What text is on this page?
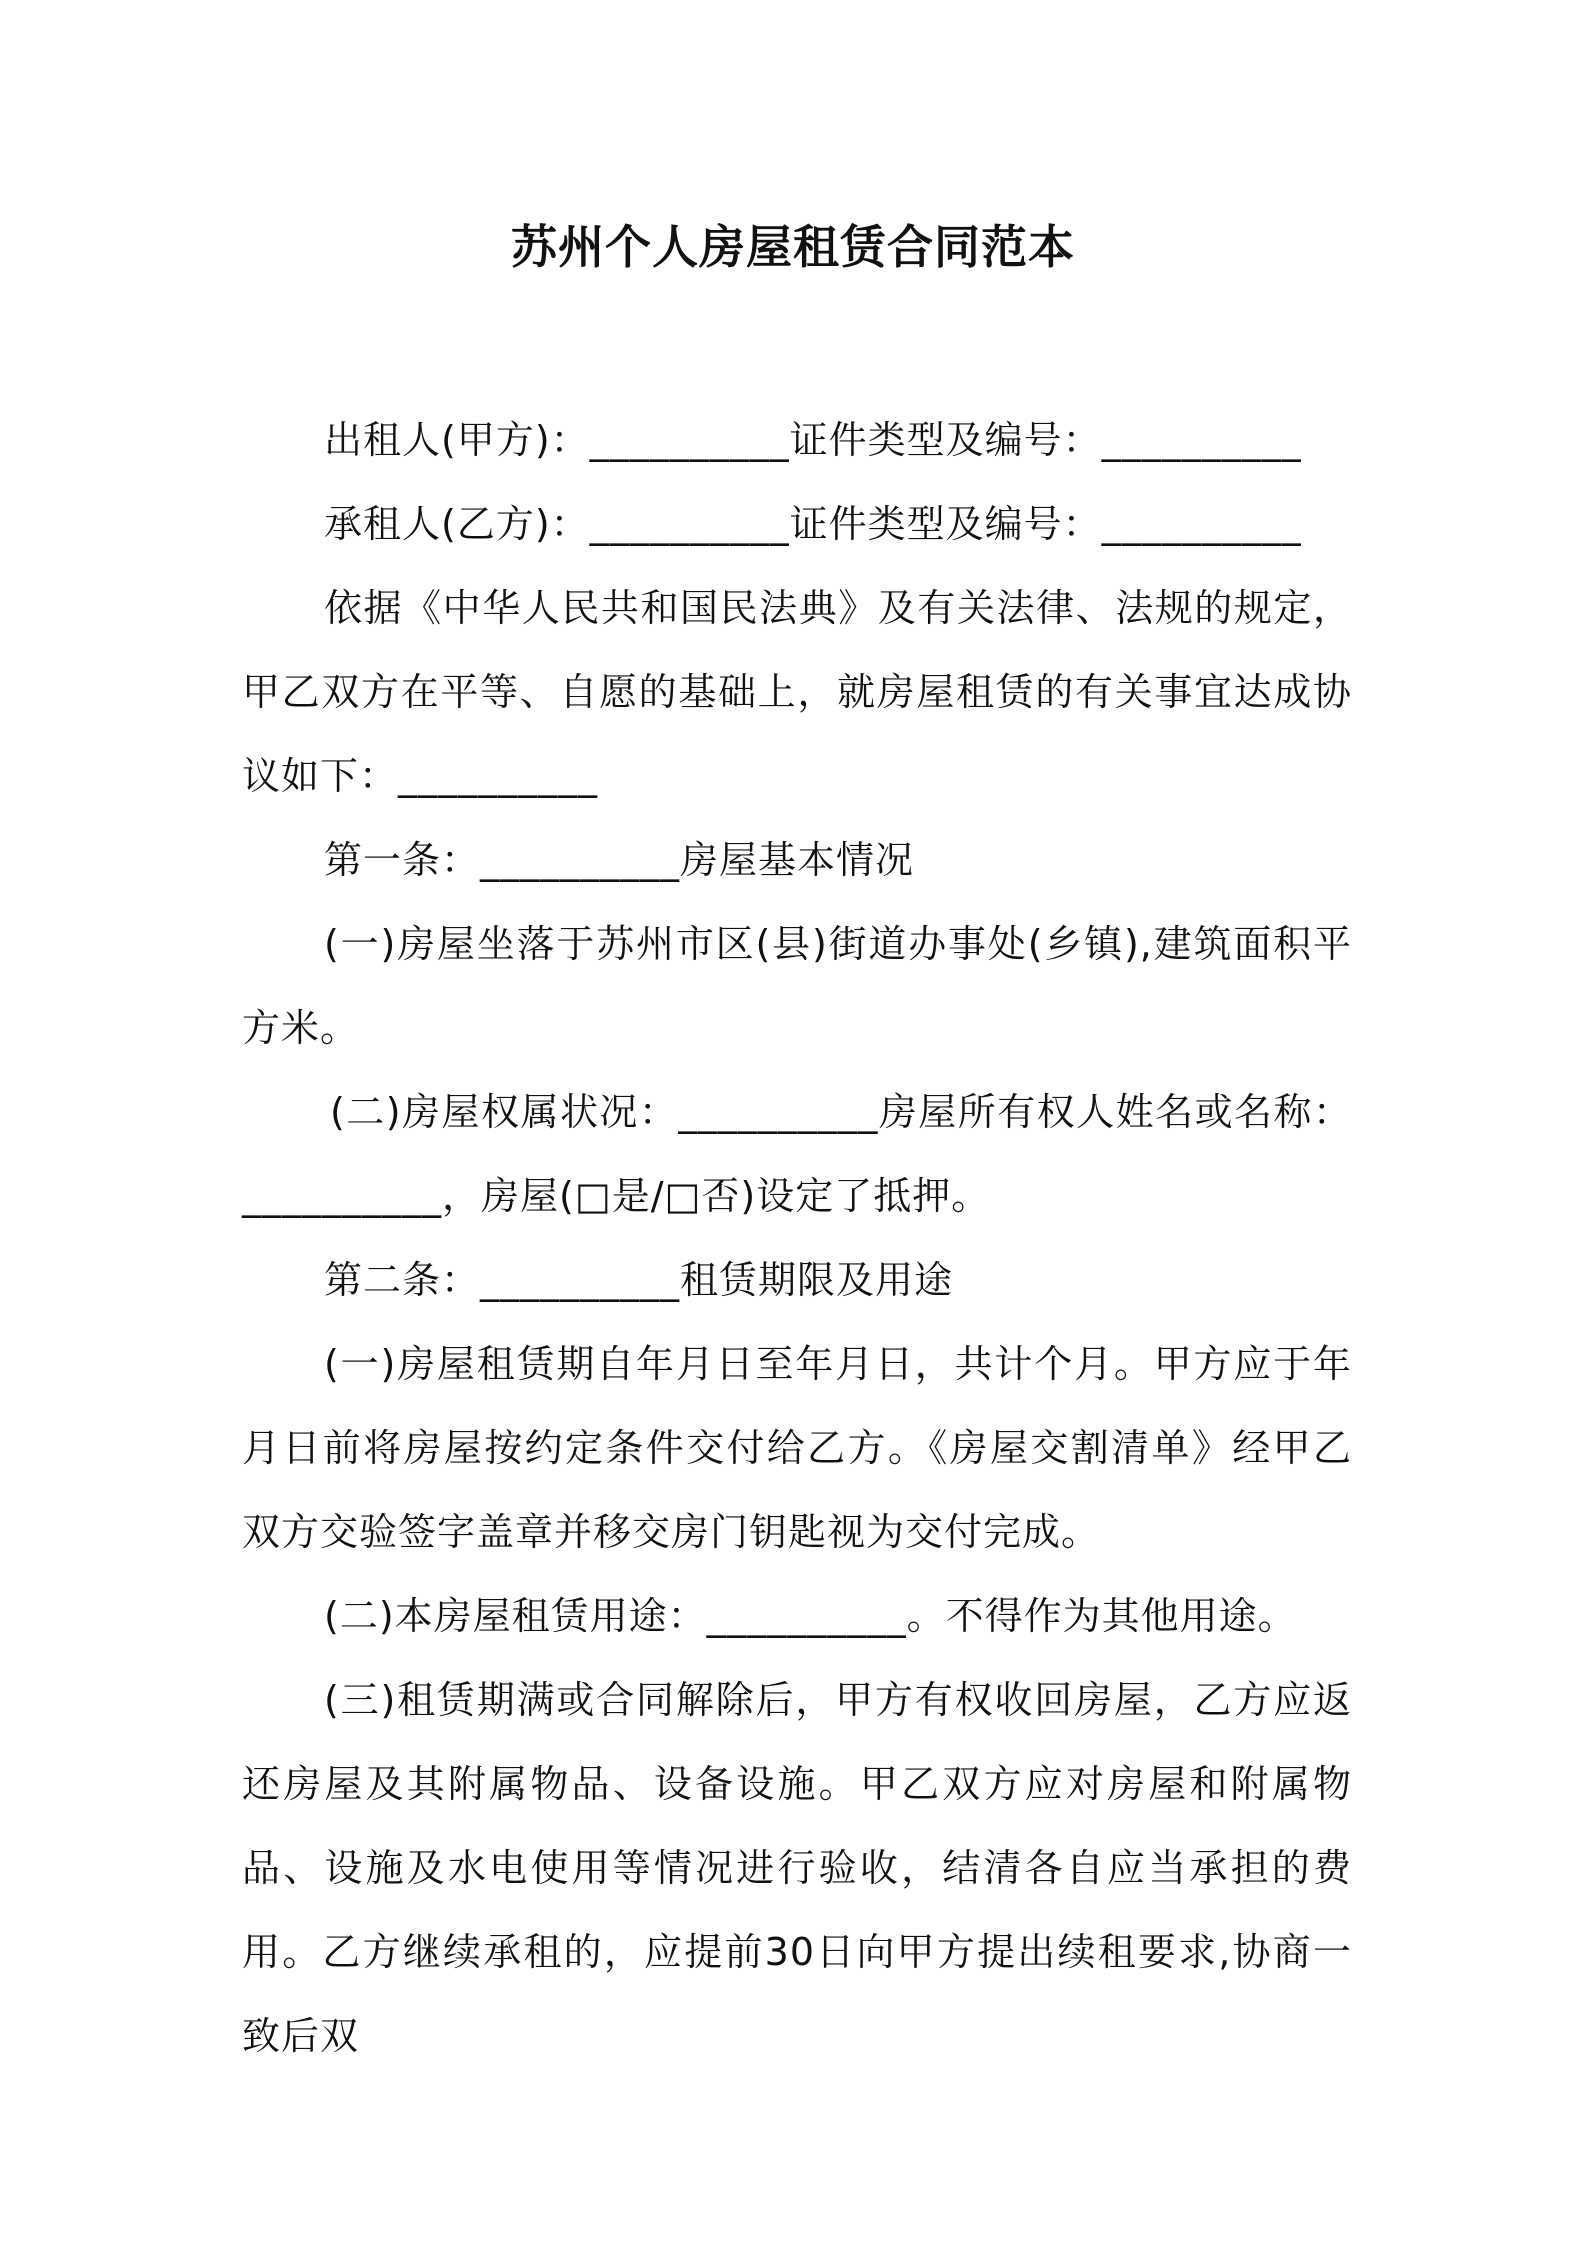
苏州个人房屋租赁合同范本

出租人(甲方)：__________证件类型及编号：__________

承租人(乙方)：__________证件类型及编号：__________

依据《中华人民共和国民法典》及有关法律、法规的规定，甲乙双方在平等、自愿的基础上，就房屋租赁的有关事宜达成协议如下：__________

第一条：__________房屋基本情况

(一)房屋坐落于苏州市区(县)街道办事处(乡镇),建筑面积平方米。

(二)房屋权属状况：__________房屋所有权人姓名或名称：__________，房屋(□是/□否)设定了抵押。

第二条：__________租赁期限及用途

(一)房屋租赁期自年月日至年月日，共计个月。甲方应于年月日前将房屋按约定条件交付给乙方。《房屋交割清单》经甲乙双方交验签字盖章并移交房门钥匙视为交付完成。

(二)本房屋租赁用途：__________。不得作为其他用途。

(三)租赁期满或合同解除后，甲方有权收回房屋，乙方应返还房屋及其附属物品、设备设施。甲乙双方应对房屋和附属物品、设施及水电使用等情况进行验收，结清各自应当承担的费用。乙方继续承租的，应提前30日向甲方提出续租要求,协商一致后双
